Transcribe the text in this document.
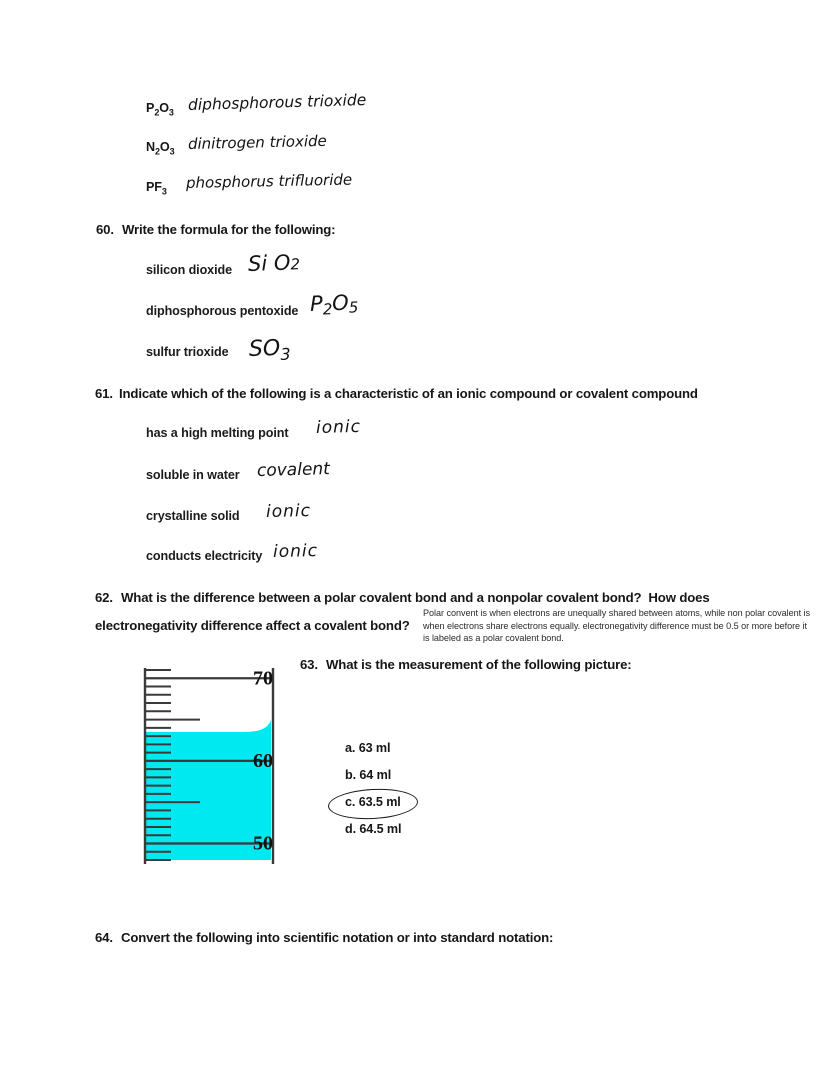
$P_2O_3$ diphosphorous trioxide
$N_2O_3$ dinitrogen trioxide
$PF_3$ phosphorus trifluoride
60. Write the formula for the following:
silicon dioxide Si O2
diphosphorous pentoxide P2O5
sulfur trioxide $SO_3$
61. Indicate which of the following is a characteristic of an ionic compound or covalent compound
has a high melting point ionic
soluble in water covalent
crystalline solid ionic
conducts electricity ionic
62. What is the difference between a polar covalent bond and a nonpolar covalent bond?  How does
electronegativity difference affect a covalent bond?
Polar convent is when electrons are unequally shared between atoms, while non polar covalent is when electrons share electrons equally. electronegativity difference must be 0.5 or more before it is labeled as a polar covalent bond.
63. What is the measurement of the following picture:
70
60
50
a. 63 ml
b. 64 ml
c. 63.5 ml
d. 64.5 ml
64. Convert the following into scientific notation or into standard notation:
